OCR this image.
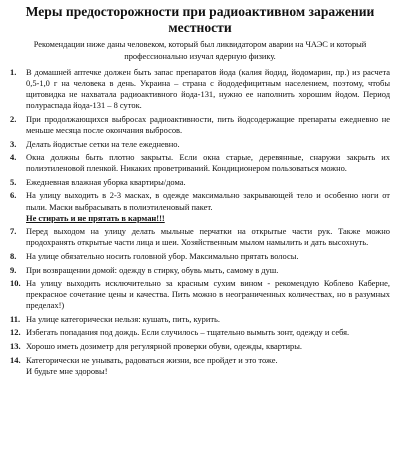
Меры предосторожности при радиоактивном заражении местности
Рекомендации ниже даны человеком, который был ликвидатором аварии на ЧАЭС и который профессионально изучал ядерную физику.
1.	В домашней аптечке должен быть запас препаратов йода (калия йодид, йодомарин, пр.) из расчета 0,5-1,0 г на человека в день. Украина – страна с йододефицитным населением, поэтому, чтобы щитовидка не нахватала радиоактивного йода-131, нужно ее наполнить хорошим йодом. Период полураспада йода-131 – 8 суток.
2.	При продолжающихся выбросах радиоактивности, пить йодсодержащие препараты ежедневно не меньше месяца после окончания выбросов.
3.	Делать йодистые сетки на теле ежедневно.
4.	Окна должны быть плотно закрыты. Если окна старые, деревянные, снаружи закрыть их полиэтиленовой пленкой. Никаких проветриваний. Кондиционером пользоваться можно.
5.	Ежедневная влажная уборка квартиры/дома.
6.	На улицу выходить в 2-3 масках, в одежде максимально закрывающей тело и особенно ноги от пыли. Маски выбрасывать в полиэтиленовый пакет.
Не стирать и не прятать в карман!!!
7.	Перед выходом на улицу делать мыльные перчатки на открытые части рук. Также можно продохранять открытые части лица и шеи. Хозяйственным мылом намылить и дать высохнуть.
8.	На улице обязательно носить головной убор. Максимально прятать волосы.
9.	При возвращении домой: одежду в стирку, обувь мыть, самому в душ.
10. На улицу выходить исключительно за красным сухим вином - рекомендую Коблево Каберне, прекрасное сочетание цены и качества. Пить можно в неограниченных количествах, но в разумных пределах!)
11. На улице категорически нельзя: кушать, пить, курить.
12. Избегать попадания под дождь. Если случилось – тщательно вымыть зонт, одежду и себя.
13. Хорошо иметь дозиметр для регулярной проверки обуви, одежды, квартиры.
14. Категорически не унывать, радоваться жизни, все пройдет и это тоже.
И будьте мне здоровы!
